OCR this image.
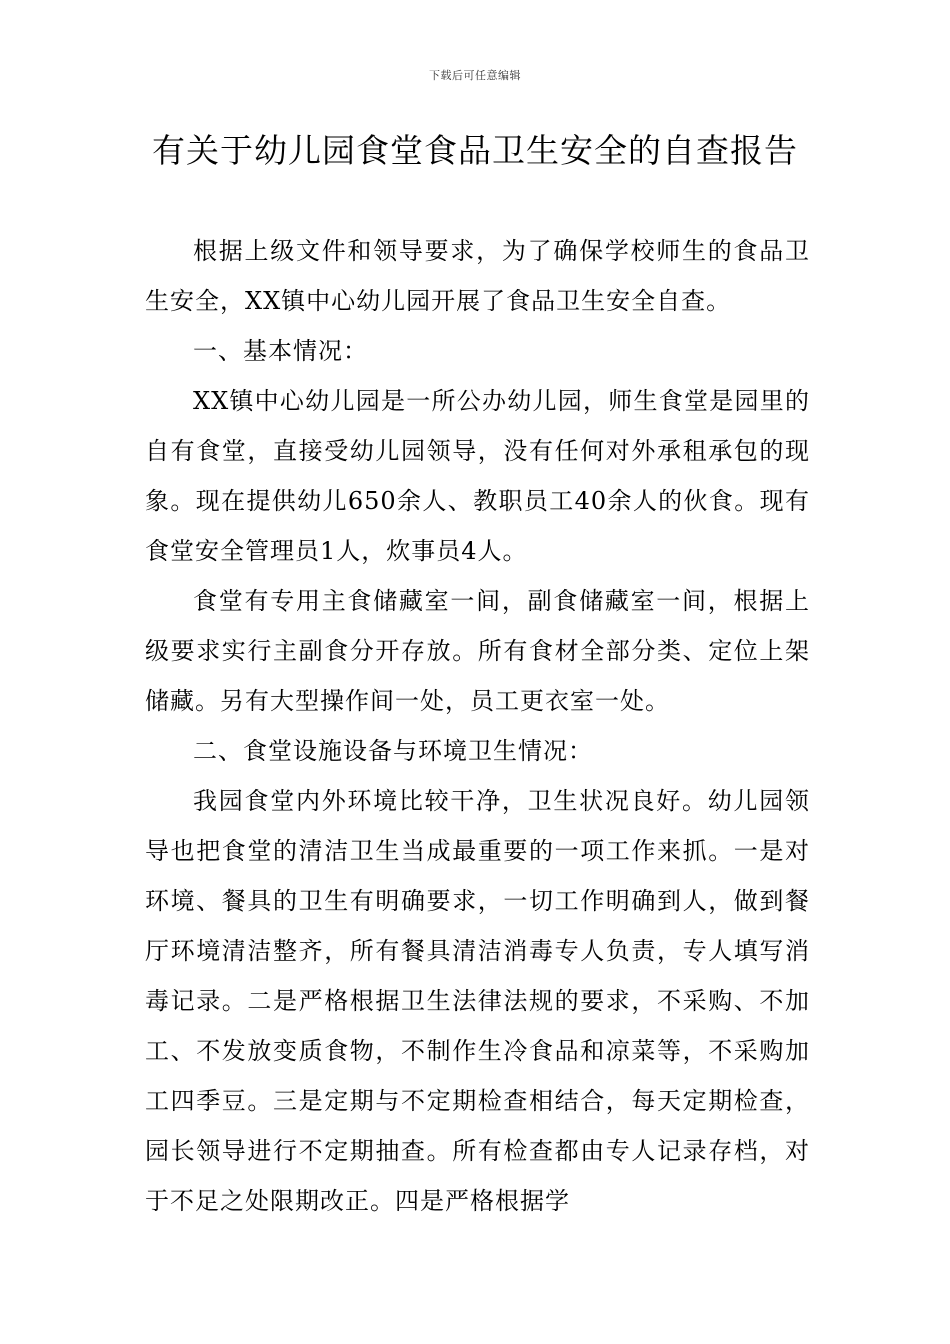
下载后可任意编辑
有关于幼儿园食堂食品卫生安全的自查报告

根据上级文件和领导要求，为了确保学校师生的食品卫生安全，XX镇中心幼儿园开展了食品卫生安全自查。

一、基本情况：

XX镇中心幼儿园是一所公办幼儿园，师生食堂是园里的自有食堂，直接受幼儿园领导，没有任何对外承租承包的现象。现在提供幼儿650余人、教职员工40余人的伙食。现有食堂安全管理员1人，炊事员4人。

食堂有专用主食储藏室一间，副食储藏室一间，根据上级要求实行主副食分开存放。所有食材全部分类、定位上架储藏。另有大型操作间一处，员工更衣室一处。

二、食堂设施设备与环境卫生情况：

我园食堂内外环境比较干净，卫生状况良好。幼儿园领导也把食堂的清洁卫生当成最重要的一项工作来抓。一是对环境、餐具的卫生有明确要求，一切工作明确到人，做到餐厅环境清洁整齐，所有餐具清洁消毒专人负责，专人填写消毒记录。二是严格根据卫生法律法规的要求，不采购、不加工、不发放变质食物，不制作生冷食品和凉菜等，不采购加工四季豆。三是定期与不定期检查相结合，每天定期检查，园长领导进行不定期抽查。所有检查都由专人记录存档，对于不足之处限期改正。四是严格根据学
